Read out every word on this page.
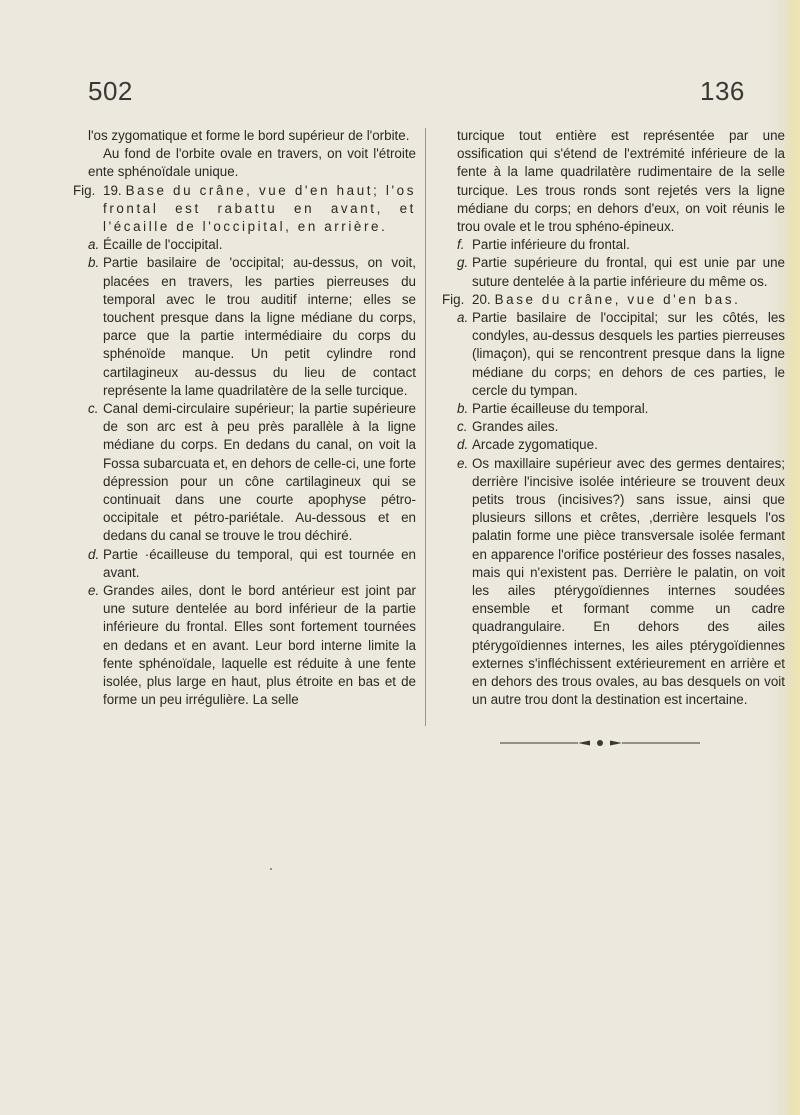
502	136

l'os zygomatique et forme le bord supérieur de l'orbite.

Au fond de l'orbite ovale en travers, on voit l'étroite ente sphénoïdale unique.

Fig. 19. Base du crâne, vue d'en haut; l'os frontal est rabattu en avant, et l'écaille de l'occipital, en arrière.

a. Écaille de l'occipital.

b. Partie basilaire de 'occipital; au-dessus, on voit, placées en travers, les parties pierreuses du temporal avec le trou auditif interne; elles se touchent presque dans la ligne médiane du corps, parce que la partie intermédiaire du corps du sphénoïde manque. Un petit cylindre rond cartilagineux au-dessus du lieu de contact représente la lame quadrilatère de la selle turcique.

c. Canal demi-circulaire supérieur; la partie supérieure de son arc est à peu près parallèle à la ligne médiane du corps. En dedans du canal, on voit la Fossa subarcuata et, en dehors de celle-ci, une forte dépression pour un cône cartilagineux qui se continuait dans une courte apophyse pétro-occipitale et pétro-pariétale. Au-dessous et en dedans du canal se trouve le trou déchiré.

d. Partie ·écailleuse du temporal, qui est tournée en avant.

e. Grandes ailes, dont le bord antérieur est joint par une suture dentelée au bord inférieur de la partie inférieure du frontal. Elles sont fortement tournées en dedans et en avant. Leur bord interne limite la fente sphénoïdale, laquelle est réduite à une fente isolée, plus large en haut, plus étroite en bas et de forme un peu irrégulière. La selle

turcique tout entière est représentée par une ossification qui s'étend de l'extrémité inférieure de la fente à la lame quadrilatère rudimentaire de la selle turcique. Les trous ronds sont rejetés vers la ligne médiane du corps; en dehors d'eux, on voit réunis le trou ovale et le trou sphéno-épineux.

f. Partie inférieure du frontal.

g. Partie supérieure du frontal, qui est unie par une suture dentelée à la partie inférieure du même os.

Fig. 20. Base du crâne, vue d'en bas.

a. Partie basilaire de l'occipital; sur les côtés, les condyles, au-dessus desquels les parties pierreuses (limaçon), qui se rencontrent presque dans la ligne médiane du corps; en dehors de ces parties, le cercle du tympan.

b. Partie écailleuse du temporal.

c. Grandes ailes.

d. Arcade zygomatique.

e. Os maxillaire supérieur avec des germes dentaires; derrière l'incisive isolée intérieure se trouvent deux petits trous (incisives?) sans issue, ainsi que plusieurs sillons et crêtes, ,derrière lesquels l'os palatin forme une pièce transversale isolée fermant en apparence l'orifice postérieur des fosses nasales, mais qui n'existent pas. Derrière le palatin, on voit les ailes ptérygoïdiennes internes soudées ensemble et formant comme un cadre quadrangulaire. En dehors des ailes ptérygoïdiennes internes, les ailes ptérygoïdiennes externes s'infléchissent extérieurement en arrière et en dehors des trous ovales, au bas desquels on voit un autre trou dont la destination est incertaine.
